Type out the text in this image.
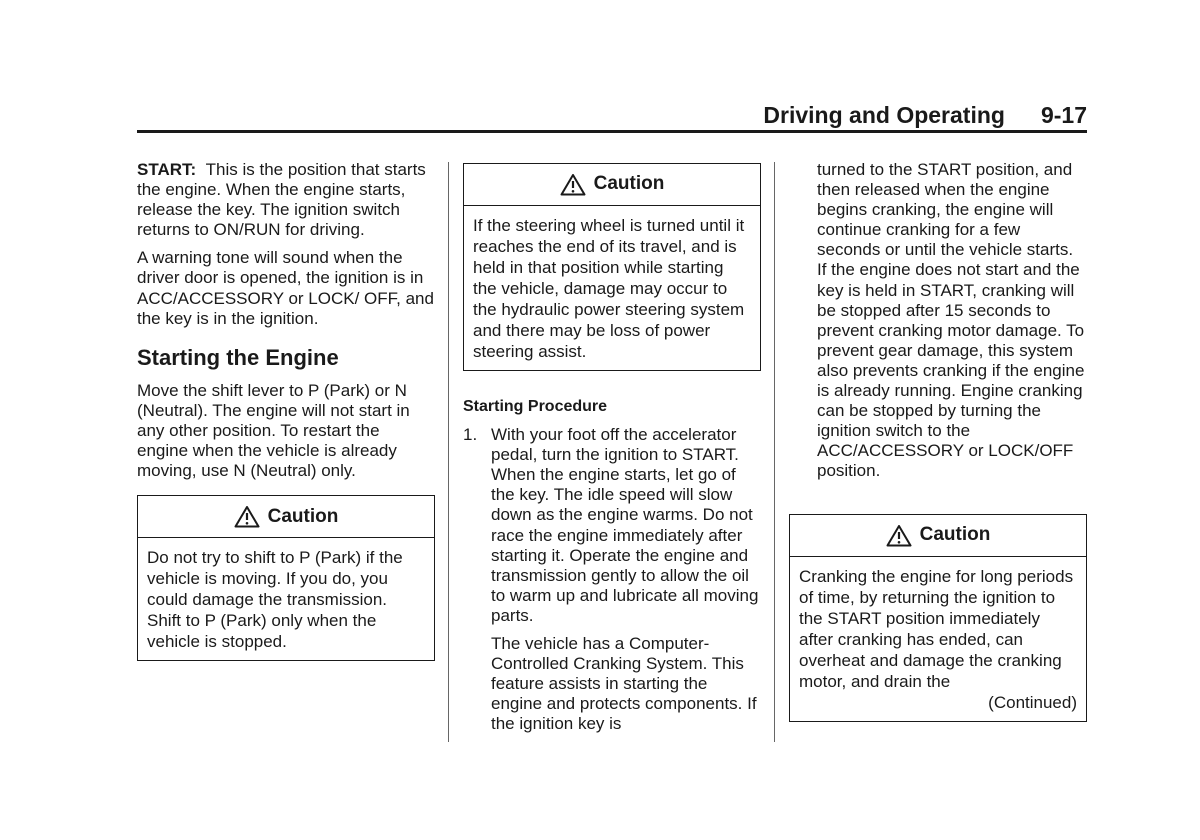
Driving and Operating 9-17

START: This is the position that starts the engine. When the engine starts, release the key. The ignition switch returns to ON/RUN for driving.

A warning tone will sound when the driver door is opened, the ignition is in ACC/ACCESSORY or LOCK/ OFF, and the key is in the ignition.

Starting the Engine

Move the shift lever to P (Park) or N (Neutral). The engine will not start in any other position. To restart the engine when the vehicle is already moving, use N (Neutral) only.

Caution
Do not try to shift to P (Park) if the vehicle is moving. If you do, you could damage the transmission. Shift to P (Park) only when the vehicle is stopped.
Caution
If the steering wheel is turned until it reaches the end of its travel, and is held in that position while starting the vehicle, damage may occur to the hydraulic power steering system and there may be loss of power steering assist.

Starting Procedure

1. With your foot off the accelerator pedal, turn the ignition to START. When the engine starts, let go of the key. The idle speed will slow down as the engine warms. Do not race the engine immediately after starting it. Operate the engine and transmission gently to allow the oil to warm up and lubricate all moving parts.

The vehicle has a Computer-Controlled Cranking System. This feature assists in starting the engine and protects components. If the ignition key is

turned to the START position, and then released when the engine begins cranking, the engine will continue cranking for a few seconds or until the vehicle starts. If the engine does not start and the key is held in START, cranking will be stopped after 15 seconds to prevent cranking motor damage. To prevent gear damage, this system also prevents cranking if the engine is already running. Engine cranking can be stopped by turning the ignition switch to the ACC/ACCESSORY or LOCK/OFF position.

Caution
Cranking the engine for long periods of time, by returning the ignition to the START position immediately after cranking has ended, can overheat and damage the cranking motor, and drain the
(Continued)
